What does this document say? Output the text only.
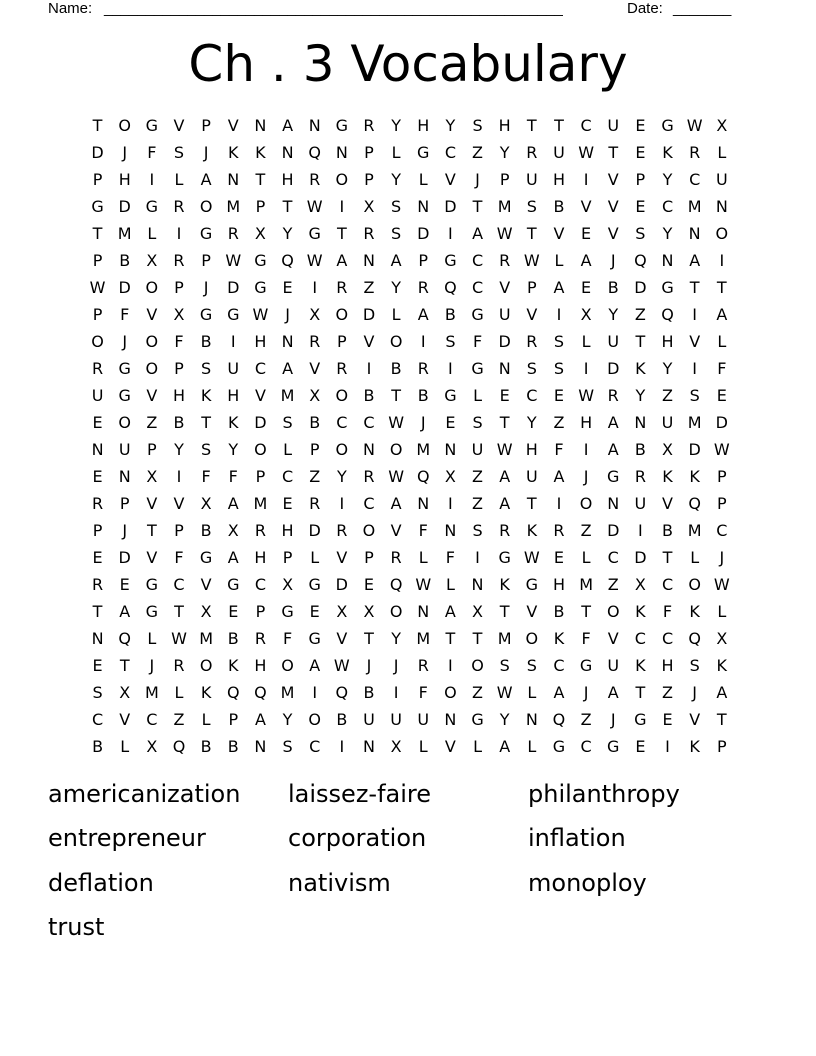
Name: _______________________________________________________	Date: _______
Ch . 3 Vocabulary
T O G V	P	V N A N G R	Y	H	Y	S	H	T	T	C U	E G W X
D	J	F	S	J	K	K N Q N	P	L	G C	Z	Y	R U W T	E	K	R	L
P	H	I	L	A N	T	H R O	P	Y	L	V	J	P	U H	I	V	P	Y	C U
G D G R O M P	T W	I	X	S	N D	T M S	B	V	V	E	C M N
T M L	I	G R	X	Y	G	T	R	S D	I	A W T	V	E	V	S	Y	N O
P	B	X	R	P W G Q W A N A	P	G C R W L	A	J	Q N A	I
W D O	P	J	D G E	I	R	Z	Y	R Q C	V	P	A	E	B D G	T	T
P	F	V	X G G W	J	X O D	L	A	B G U V	I	X	Y	Z Q	I	A
O	J	O	F	B	I	H N R	P	V O	I	S	F	D R	S	L	U	T	H V	L
R G O	P	S	U C	A	V	R	I	B	R	I	G N	S	S	I	D K	Y	I	F
U G V H K H V M X O B	T	B G	L	E	C	E W R	Y	Z	S	E
E O Z	B	T	K D S	B	C C W	J	E	S	T	Y	Z H A N U M D
N U	P	Y	S	Y O	L	P	O N O M N U W H	F	I	A	B	X D W
E	N X	I	F	F	P	C	Z	Y	R W Q X	Z	A U A	J	G R	K	K	P
R	P	V	V	X	A M E	R	I	C	A N	I	Z	A	T	I	O N U V Q	P
P	J	T	P	B	X	R H D R O V	F	N	S	R	K	R	Z D	I	B M C
E D V	F	G A H	P	L	V	P	R	L	F	I	G W E	L	C D	T	L	J
R	E G C	V G C	X G D E Q W L	N K G H M Z	X	C O W
T	A G	T	X	E	P	G E	X	X O N A	X	T	V	B	T O K	F	K	L
N Q	L W M B	R	F	G V	T	Y M T	T M O K	F	V	C C Q X
E	T	J	R O K H O A W	J	J	R	I	O S	S	C G U	K H	S	K
S	X M L	K Q Q M	I	Q B	I	F	O Z W L	A	J	A	T	Z	J	A
C	V	C	Z	L	P	A	Y O B U U U N G	Y	N Q Z	J	G E	V	T
B	L	X Q B	B N	S	C	I	N X	L	V	L	A	L	G C G E	I	K	P
americanization laissez-faire	philanthropy
entrepreneur	corporation	inflation
deflation	nativism	monoploy
trust
